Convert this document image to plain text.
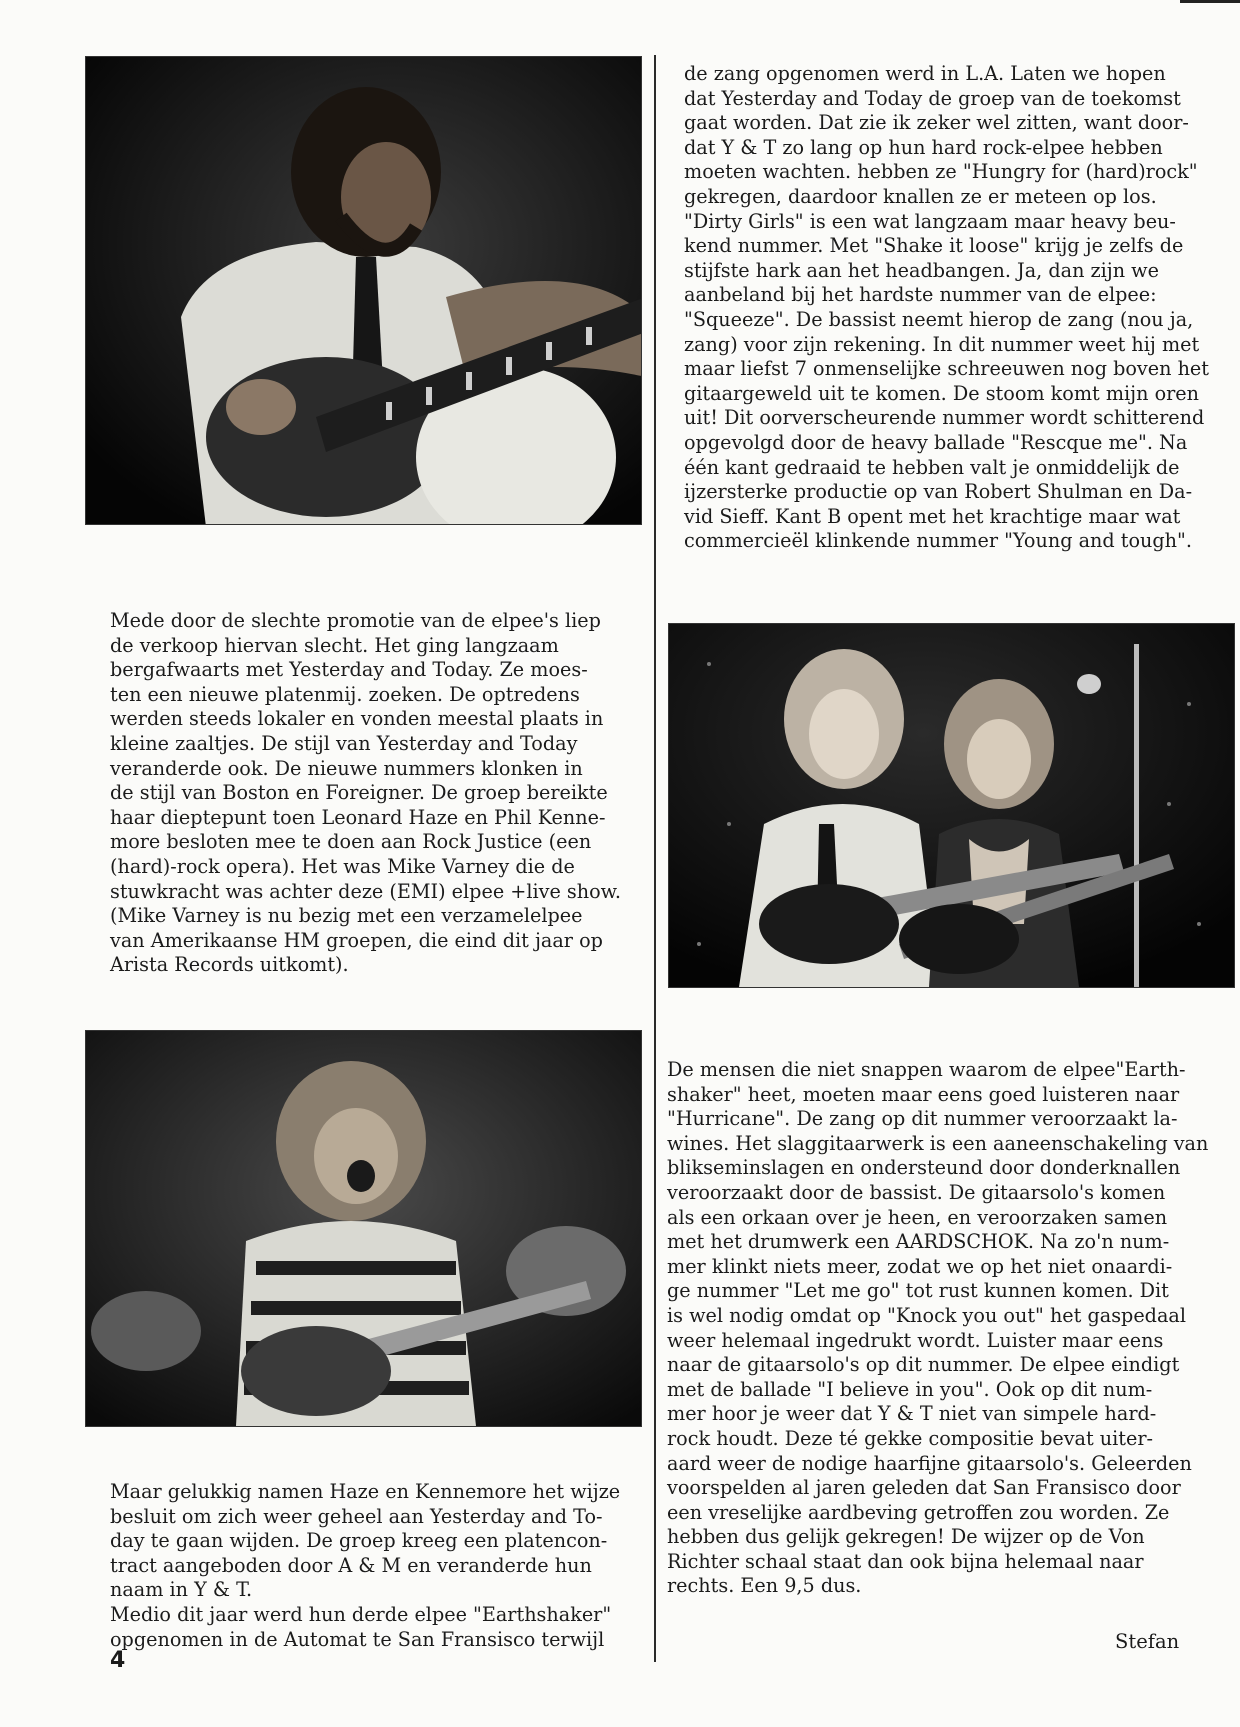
de zang opgenomen werd in L.A. Laten we hopen

dat Yesterday and Today de groep van de toekomst

gaat worden. Dat zie ik zeker wel zitten, want door-

dat Y & T zo lang op hun hard rock-elpee hebben

moeten wachten. hebben ze "Hungry for (hard)rock"

gekregen, daardoor knallen ze er meteen op los.

"Dirty Girls" is een wat langzaam maar heavy beu-

kend nummer. Met "Shake it loose" krijg je zelfs de

stijfste hark aan het headbangen. Ja, dan zijn we

aanbeland bij het hardste nummer van de elpee:

"Squeeze". De bassist neemt hierop de zang (nou ja,

zang) voor zijn rekening. In dit nummer weet hij met

maar liefst 7 onmenselijke schreeuwen nog boven het

gitaargeweld uit te komen. De stoom komt mijn oren

uit! Dit oorverscheurende nummer wordt schitterend

opgevolgd door de heavy ballade "Rescque me". Na

één kant gedraaid te hebben valt je onmiddelijk de

ijzersterke productie op van Robert Shulman en Da-

vid Sieff. Kant B opent met het krachtige maar wat

commercieël klinkende nummer "Young and tough".

Mede door de slechte promotie van de elpee's liep

de verkoop hiervan slecht. Het ging langzaam

bergafwaarts met Yesterday and Today. Ze moes-

ten een nieuwe platenmij. zoeken. De optredens

werden steeds lokaler en vonden meestal plaats in

kleine zaaltjes. De stijl van Yesterday and Today

veranderde ook. De nieuwe nummers klonken in

de stijl van Boston en Foreigner. De groep bereikte

haar dieptepunt toen Leonard Haze en Phil Kenne-

more besloten mee te doen aan Rock Justice (een

(hard)-rock opera). Het was Mike Varney die de

stuwkracht was achter deze (EMI) elpee +live show.

(Mike Varney is nu bezig met een verzamelelpee

van Amerikaanse HM groepen, die eind dit jaar op

Arista Records uitkomt).

Maar gelukkig namen Haze en Kennemore het wijze

besluit om zich weer geheel aan Yesterday and To-

day te gaan wijden. De groep kreeg een platencon-

tract aangeboden door A & M en veranderde hun

naam in Y & T.

Medio dit jaar werd hun derde elpee "Earthshaker"

opgenomen in de Automat te San Fransisco terwijl

De mensen die niet snappen waarom de elpee"Earth-

shaker" heet, moeten maar eens goed luisteren naar

"Hurricane". De zang op dit nummer veroorzaakt la-

wines. Het slaggitaarwerk is een aaneenschakeling van

blikseminslagen en ondersteund door donderknallen

veroorzaakt door de bassist. De gitaarsolo's komen

als een orkaan over je heen, en veroorzaken samen

met het drumwerk een AARDSCHOK. Na zo'n num-

mer klinkt niets meer, zodat we op het niet onaardi-

ge nummer "Let me go" tot rust kunnen komen. Dit

is wel nodig omdat op "Knock you out" het gaspedaal

weer helemaal ingedrukt wordt. Luister maar eens

naar de gitaarsolo's op dit nummer. De elpee eindigt

met de ballade "I believe in you". Ook op dit num-

mer hoor je weer dat Y & T niet van simpele hard-

rock houdt. Deze té gekke compositie bevat uiter-

aard weer de nodige haarfijne gitaarsolo's. Geleerden

voorspelden al jaren geleden dat San Fransisco door

een vreselijke aardbeving getroffen zou worden. Ze

hebben dus gelijk gekregen! De wijzer op de Von

Richter schaal staat dan ook bijna helemaal naar

rechts. Een 9,5 dus.

Stefan
4
